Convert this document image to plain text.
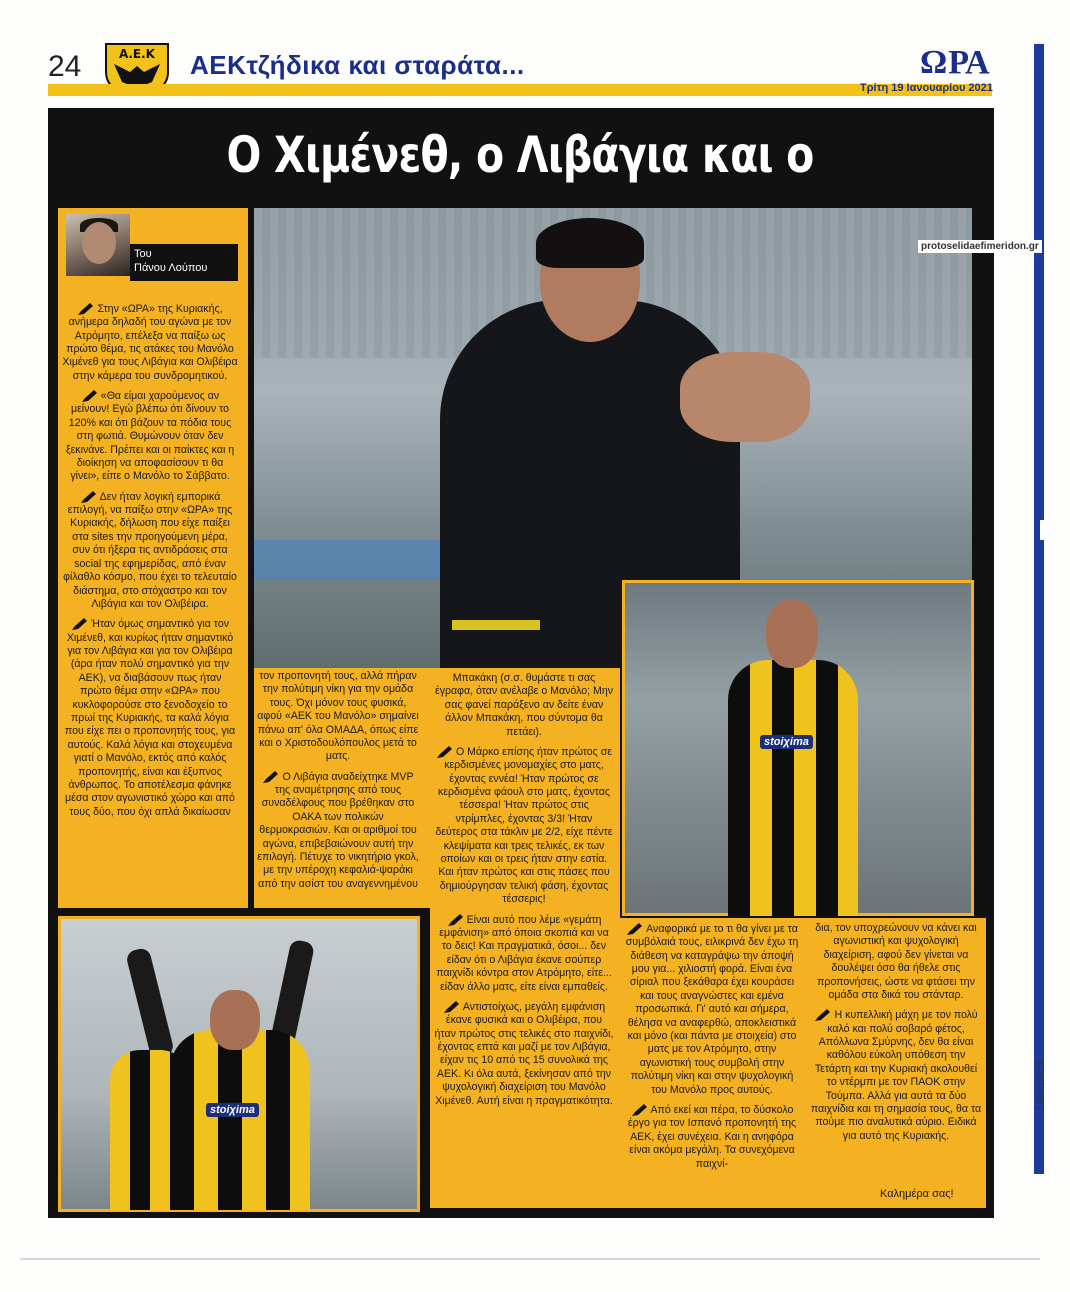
24	Α.Ε.Κ ΑΕΚτζήδικα και σταράτα...	ΩΡΑ
Τρίτη 19 Ιανουαρίου 2021
19/01/2021
Ο Χιμένεθ, ο Λιβάγια και ο
stoiχima
stoiχima
protoselidaefimeridon.gr
Του
Πάνου Λούπου

Στην «ΩΡΑ» της Κυριακής, ανήμερα δηλαδή του αγώνα με τον Ατρόμητο, επέλεξα να παίξω ως πρώτο θέμα, τις ατάκες του Μανόλο Χιμένεθ για τους Λιβάγια και Ολιβέιρα στην κάμερα του συνδρομητικού.

«Θα είμαι χαρούμενος αν μείνουν! Εγώ βλέπω ότι δίνουν το 120% και ότι βάζουν τα πόδια τους στη φωτιά. Θυμώνουν όταν δεν ξεκινάνε. Πρέπει και οι παίκτες και η διοίκηση να αποφασίσουν τι θα γίνει», είπε ο Μανόλο το Σάββατο.

Δεν ήταν λογική εμπορικά επιλογή, να παίξω στην «ΩΡΑ» της Κυριακής, δήλωση που είχε παίξει στα sites την προηγούμενη μέρα, συν ότι ήξερα τις αντιδράσεις στα social της εφημερίδας, από έναν φίλαθλο κόσμο, που έχει το τελευταίο διάστημα, στο στόχαστρο και τον Λιβάγια και τον Ολιβέιρα.

Ήταν όμως σημαντικό για τον Χιμένεθ, και κυρίως ήταν σημαντικό για τον Λιβάγια και για τον Ολιβέιρα (άρα ήταν πολύ σημαντικό για την ΑΕΚ), να διαβάσουν πως ήταν πρώτο θέμα στην «ΩΡΑ» που κυκλοφορούσε στο ξενοδοχείο το πρωί της Κυριακής, τα καλά λόγια που είχε πει ο προπονητής τους, για αυτούς. Καλά λόγια και στοχευμένα γιατί ο Μανόλο, εκτός από καλός προπονητής, είναι και έξυπνος άνθρωπος. Το αποτέλεσμα φάνηκε μέσα στον αγωνιστικό χώρο και από τους δύο, που όχι απλά δικαίωσαν

τον προπονητή τους, αλλά πήραν την πολύτιμη νίκη για την ομάδα τους. Όχι μόνον τους φυσικά, αφού «ΑΕΚ του Μανόλο» σημαίνει πάνω απ' όλα ΟΜΑΔΑ, όπως είπε και ο Χριστοδουλόπουλος μετά το ματς.

Ο Λιβάγια αναδείχτηκε MVP της αναμέτρησης από τους συναδέλφους που βρέθηκαν στο ΟΑΚΑ των πολικών θερμοκρασιών. Και οι αριθμοί του αγώνα, επιβεβαιώνουν αυτή την επιλογή. Πέτυχε το νικητήριο γκολ, με την υπέροχη κεφαλιά-ψαράκι από την ασίστ του αναγεννημένου

Μπακάκη (σ.σ. θυμάστε τι σας έγραφα, όταν ανέλαβε ο Μανόλο; Μην σας φανεί παράξενο αν δείτε έναν άλλον Μπακάκη, που σύντομα θα πετάει).

Ο Μάρκο επίσης ήταν πρώτος σε κερδισμένες μονομαχίες στο ματς, έχοντας εννέα! Ήταν πρώτος σε κερδισμένα φάουλ στο ματς, έχοντας τέσσερα! Ήταν πρώτος στις ντρίμπλες, έχοντας 3/3! Ήταν δεύτερος στα τάκλιν με 2/2, είχε πέντε κλεψίματα και τρεις τελικές, εκ των οποίων και οι τρεις ήταν στην εστία. Και ήταν πρώτος και στις πάσες που δημιούργησαν τελική φάση, έχοντας τέσσερις!

Είναι αυτό που λέμε «γεμάτη εμφάνιση» από όποια σκοπιά και να το δεις! Και πραγματικά, όσοι... δεν είδαν ότι ο Λιβάγια έκανε σούπερ παιχνίδι κόντρα στον Ατρόμητο, είτε... είδαν άλλο ματς, είτε είναι εμπαθείς.

Αντιστοίχως, μεγάλη εμφάνιση έκανε φυσικά και ο Ολιβέιρα, που ήταν πρώτος στις τελικές στο παιχνίδι, έχοντας επτά και μαζί με τον Λιβάγια, είχαν τις 10 από τις 15 συνολικά της ΑΕΚ. Κι όλα αυτά, ξεκίνησαν από την ψυχολογική διαχείριση του Μανόλο Χιμένεθ. Αυτή είναι η πραγματικότητα.

Αναφορικά με το τι θα γίνει με τα συμβόλαιά τους, ειλικρινά δεν έχω τη διάθεση να καταγράψω την άποψή μου για... χιλιοστή φορά. Είναι ένα σίριαλ που ξεκάθαρα έχει κουράσει και τους αναγνώστες και εμένα προσωπικά. Γι' αυτό και σήμερα, θέλησα να αναφερθώ, αποκλειστικά και μόνο (και πάντα με στοιχεία) στο ματς με τον Ατρόμητο, στην αγωνιστική τους συμβολή στην πολύτιμη νίκη και στην ψυχολογική του Μανόλο προς αυτούς.

Από εκεί και πέρα, το δύσκολο έργο για τον Ισπανό προπονητή της ΑΕΚ, έχει συνέχεια. Και η ανηφόρα είναι ακόμα μεγάλη. Τα συνεχόμενα παιχνί-

δια, τον υποχρεώνουν να κάνει και αγωνιστική και ψυχολογική διαχείριση, αφού δεν γίνεται να δουλέψει όσο θα ήθελε στις προπονήσεις, ώστε να φτάσει την ομάδα στα δικά του στάνταρ.

Η κυπελλική μάχη με τον πολύ καλό και πολύ σοβαρό φέτος, Απόλλωνα Σμύρνης, δεν θα είναι καθόλου εύκολη υπόθεση την Τετάρτη και την Κυριακή ακολουθεί το ντέρμπι με τον ΠΑΟΚ στην Τούμπα. Αλλά για αυτά τα δύο παιχνίδια και τη σημασία τους, θα τα πούμε πιο αναλυτικά αύριο. Ειδικά για αυτό της Κυριακής.

Καλημέρα σας!
